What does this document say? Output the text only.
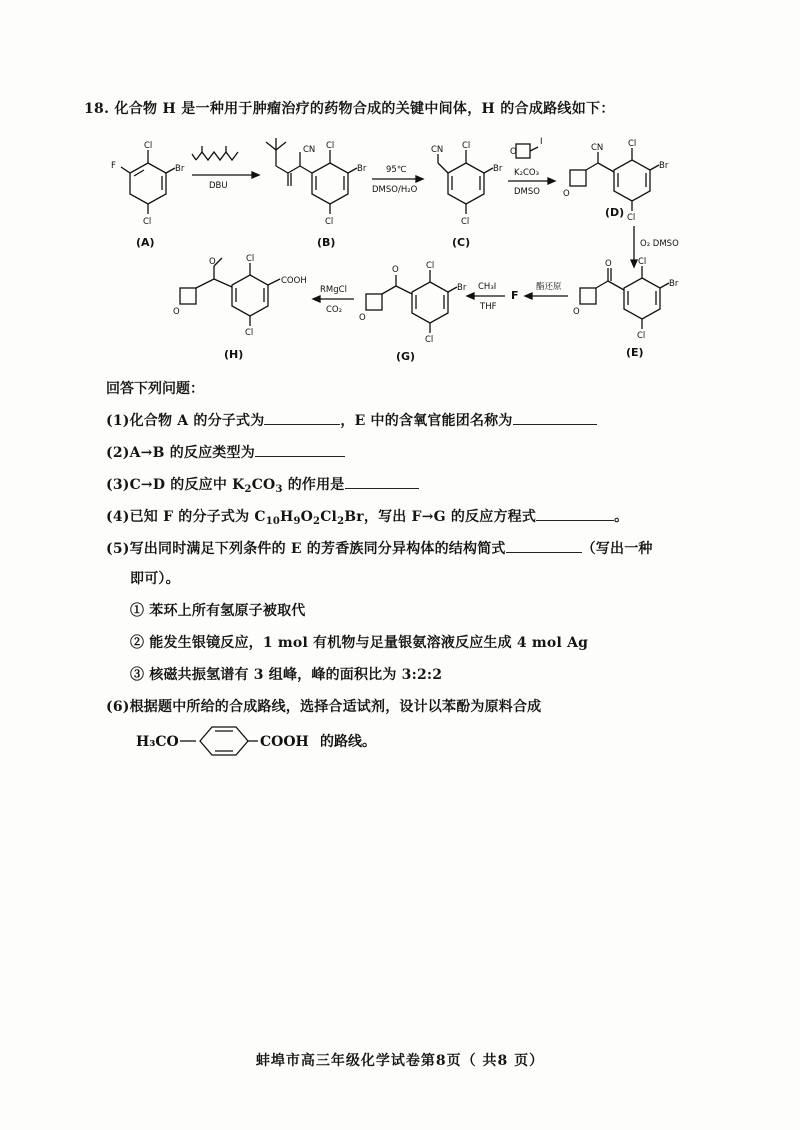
18. 化合物 H 是一种用于肿瘤治疗的药物合成的关键中间体，H 的合成路线如下：
Cl
Br
F
Cl
(A)
DBU
CN Cl
Br
Cl
(B)
95℃
DMSO/H₂O
CN Cl
Br
Cl
(C)
O
I
K₂CO₃
DMSO	O
CN	Cl
Br
Cl
(D)
O₂ DMSO
O
O	Cl
Br
Cl
(E)
酯还原
F
CH₃I
THF
O
O	Cl
Br
Cl
(G)
RMgCl
CO₂
O
O	Cl
COOH
Cl
(H)
回答下列问题：
(1)化合物 A 的分子式为	，E 中的含氧官能团名称为
(2)A→B 的反应类型为
(3)C→D 的反应中 $K_2CO_3$ 的作用是
(4)已知 F 的分子式为 $C_{10}H_9O_2Cl_2Br$，写出 F→G 的反应方程式	。
(5)写出同时满足下列条件的 E 的芳香族同分异构体的结构简式	（写出一种
即可）。
① 苯环上所有氢原子被取代
② 能发生银镜反应，1 mol 有机物与足量银氨溶液反应生成 4 mol Ag
③ 核磁共振氢谱有 3 组峰，峰的面积比为 3:2:2
(6)根据题中所给的合成路线，选择合适试剂，设计以苯酚为原料合成
H₃CO	COOH 的路线。
蚌埠市高三年级化学试卷第8页（ 共8 页）
